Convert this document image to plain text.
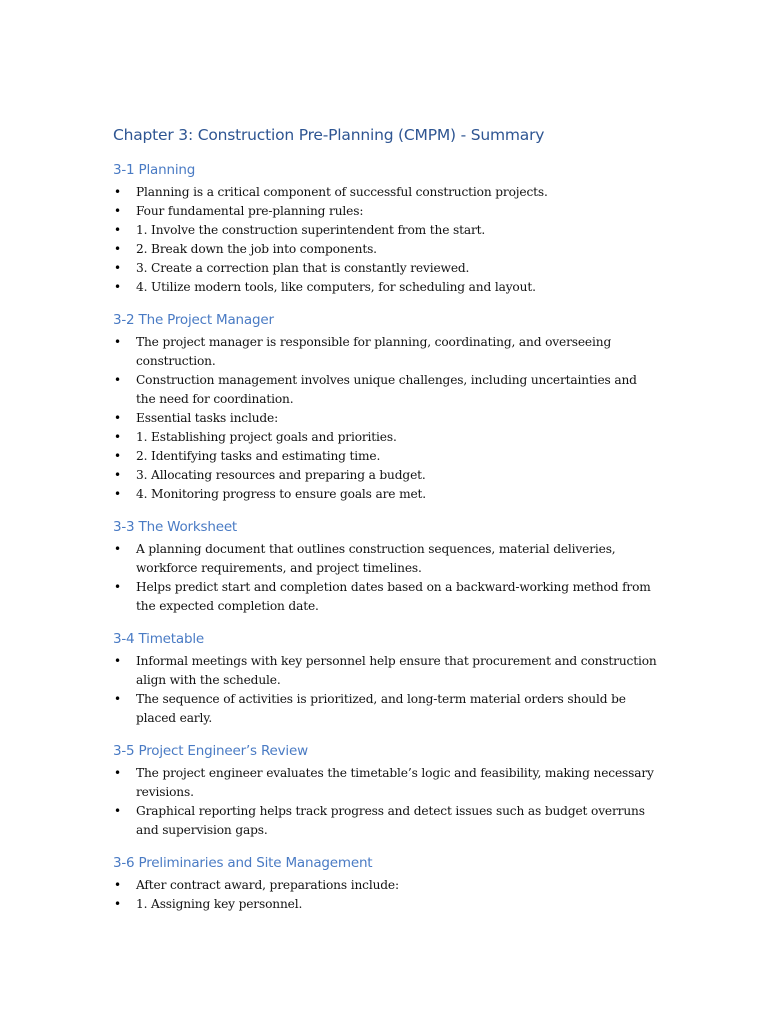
Chapter 3: Construction Pre-Planning (CMPM) - Summary
3-1 Planning
• Planning is a critical component of successful construction projects.
• Four fundamental pre-planning rules:
• 1. Involve the construction superintendent from the start.
• 2. Break down the job into components.
• 3. Create a correction plan that is constantly reviewed.
• 4. Utilize modern tools, like computers, for scheduling and layout.
3-2 The Project Manager
• The project manager is responsible for planning, coordinating, and overseeing construction.
• Construction management involves unique challenges, including uncertainties and the need for coordination.
• Essential tasks include:
• 1. Establishing project goals and priorities.
• 2. Identifying tasks and estimating time.
• 3. Allocating resources and preparing a budget.
• 4. Monitoring progress to ensure goals are met.
3-3 The Worksheet
• A planning document that outlines construction sequences, material deliveries, workforce requirements, and project timelines.
• Helps predict start and completion dates based on a backward-working method from the expected completion date.
3-4 Timetable
• Informal meetings with key personnel help ensure that procurement and construction align with the schedule.
• The sequence of activities is prioritized, and long-term material orders should be placed early.
3-5 Project Engineer’s Review
• The project engineer evaluates the timetable’s logic and feasibility, making necessary revisions.
• Graphical reporting helps track progress and detect issues such as budget overruns and supervision gaps.
3-6 Preliminaries and Site Management
• After contract award, preparations include:
• 1. Assigning key personnel.
